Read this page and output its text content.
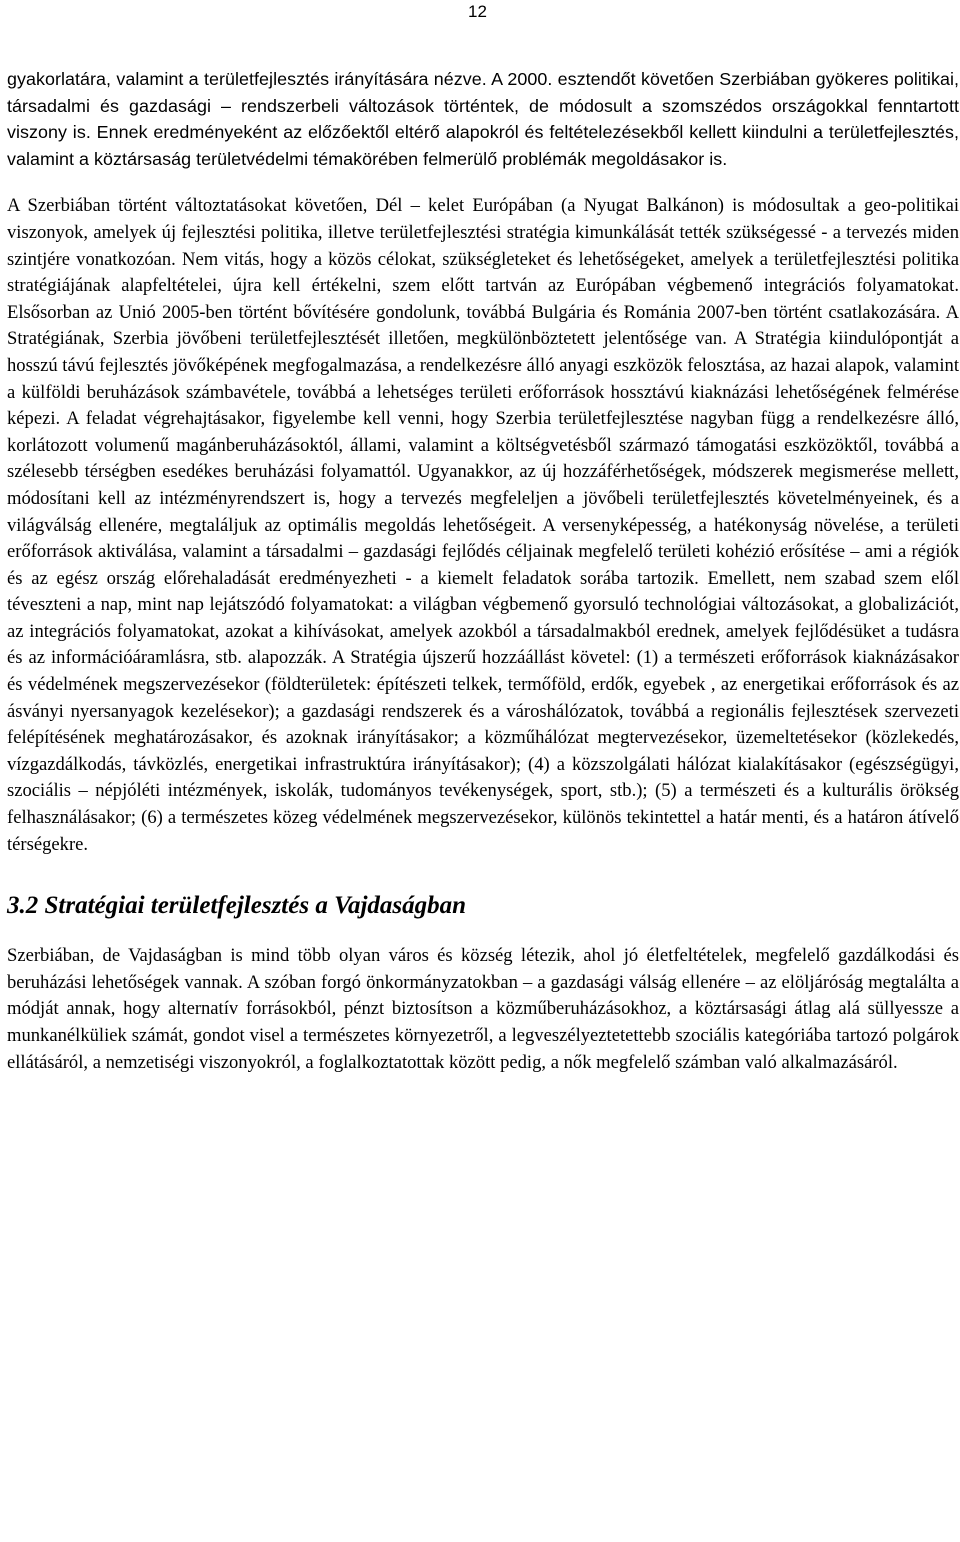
12

gyakorlatára, valamint a területfejlesztés irányítására nézve. A 2000. esztendőt követően Szerbiában gyökeres politikai, társadalmi és gazdasági – rendszerbeli változások történtek, de módosult a szomszédos országokkal fenntartott viszony is. Ennek eredményeként az előzőektől eltérő alapokról és feltételezésekből kellett kiindulni a területfejlesztés, valamint a köztársaság területvédelmi témakörében felmerülő problémák megoldásakor is.

A Szerbiában történt változtatásokat követően, Dél – kelet Európában (a Nyugat Balkánon) is módosultak a geo-politikai viszonyok, amelyek új fejlesztési politika, illetve területfejlesztési stratégia kimunkálását tették szükségessé - a tervezés miden szintjére vonatkozóan. Nem vitás, hogy a közös célokat, szükségleteket és lehetőségeket, amelyek a területfejlesztési politika stratégiájának alapfeltételei, újra kell értékelni, szem előtt tartván az Európában végbemenő integrációs folyamatokat. Elsősorban az Unió 2005-ben történt bővítésére gondolunk, továbbá Bulgária és Románia 2007-ben történt csatlakozására. A Stratégiának, Szerbia jövőbeni területfejlesztését illetően, megkülönböztetett jelentősége van. A Stratégia kiindulópontját a hosszú távú fejlesztés jövőképének megfogalmazása, a rendelkezésre álló anyagi eszközök felosztása, az hazai alapok, valamint a külföldi beruházások számbavétele, továbbá a lehetséges területi erőforrások hossztávú kiaknázási lehetőségének felmérése képezi. A feladat végrehajtásakor, figyelembe kell venni, hogy Szerbia területfejlesztése nagyban függ a rendelkezésre álló, korlátozott volumenű magánberuházásoktól, állami, valamint a költségvetésből származó támogatási eszközöktől, továbbá a szélesebb térségben esedékes beruházási folyamattól. Ugyanakkor, az új hozzáférhetőségek, módszerek megismerése mellett, módosítani kell az intézményrendszert is, hogy a tervezés megfeleljen a jövőbeli területfejlesztés követelményeinek, és a világválság ellenére, megtaláljuk az optimális megoldás lehetőségeit. A versenyképesség, a hatékonyság növelése, a területi erőforrások aktiválása, valamint a társadalmi – gazdasági fejlődés céljainak megfelelő területi kohézió erősítése – ami a régiók és az egész ország előrehaladását eredményezheti - a kiemelt feladatok sorába tartozik. Emellett, nem szabad szem elől téveszteni a nap, mint nap lejátszódó folyamatokat: a világban végbemenő gyorsuló technológiai változásokat, a globalizációt, az integrációs folyamatokat, azokat a kihívásokat, amelyek azokból a társadalmakból erednek, amelyek fejlődésüket a tudásra és az információáramlásra, stb. alapozzák. A Stratégia újszerű hozzáállást követel: (1) a természeti erőforrások kiaknázásakor és védelmének megszervezésekor (földterületek: építészeti telkek, termőföld, erdők, egyebek , az energetikai erőforrások és az ásványi nyersanyagok kezelésekor); a gazdasági rendszerek és a városhálózatok, továbbá a regionális fejlesztések szervezeti felépítésének meghatározásakor, és azoknak irányításakor; a közműhálózat megtervezésekor, üzemeltetésekor (közlekedés, vízgazdálkodás, távközlés, energetikai infrastruktúra irányításakor); (4) a közszolgálati hálózat kialakításakor (egészségügyi, szociális – népjóléti intézmények, iskolák, tudományos tevékenységek, sport, stb.); (5) a természeti és a kulturális örökség felhasználásakor; (6) a természetes közeg védelmének megszervezésekor, különös tekintettel a határ menti, és a határon átívelő térségekre.

3.2 Stratégiai területfejlesztés a Vajdaságban

Szerbiában, de Vajdaságban is mind több olyan város és község létezik, ahol jó életfeltételek, megfelelő gazdálkodási és beruházási lehetőségek vannak. A szóban forgó önkormányzatokban – a gazdasági válság ellenére – az elöljáróság megtalálta a módját annak, hogy alternatív forrásokból, pénzt biztosítson a közműberuházásokhoz, a köztársasági átlag alá süllyessze a munkanélküliek számát, gondot visel a természetes környezetről, a legveszélyeztetettebb szociális kategóriába tartozó polgárok ellátásáról, a nemzetiségi viszonyokról, a foglalkoztatottak között pedig, a nők megfelelő számban való alkalmazásáról.
